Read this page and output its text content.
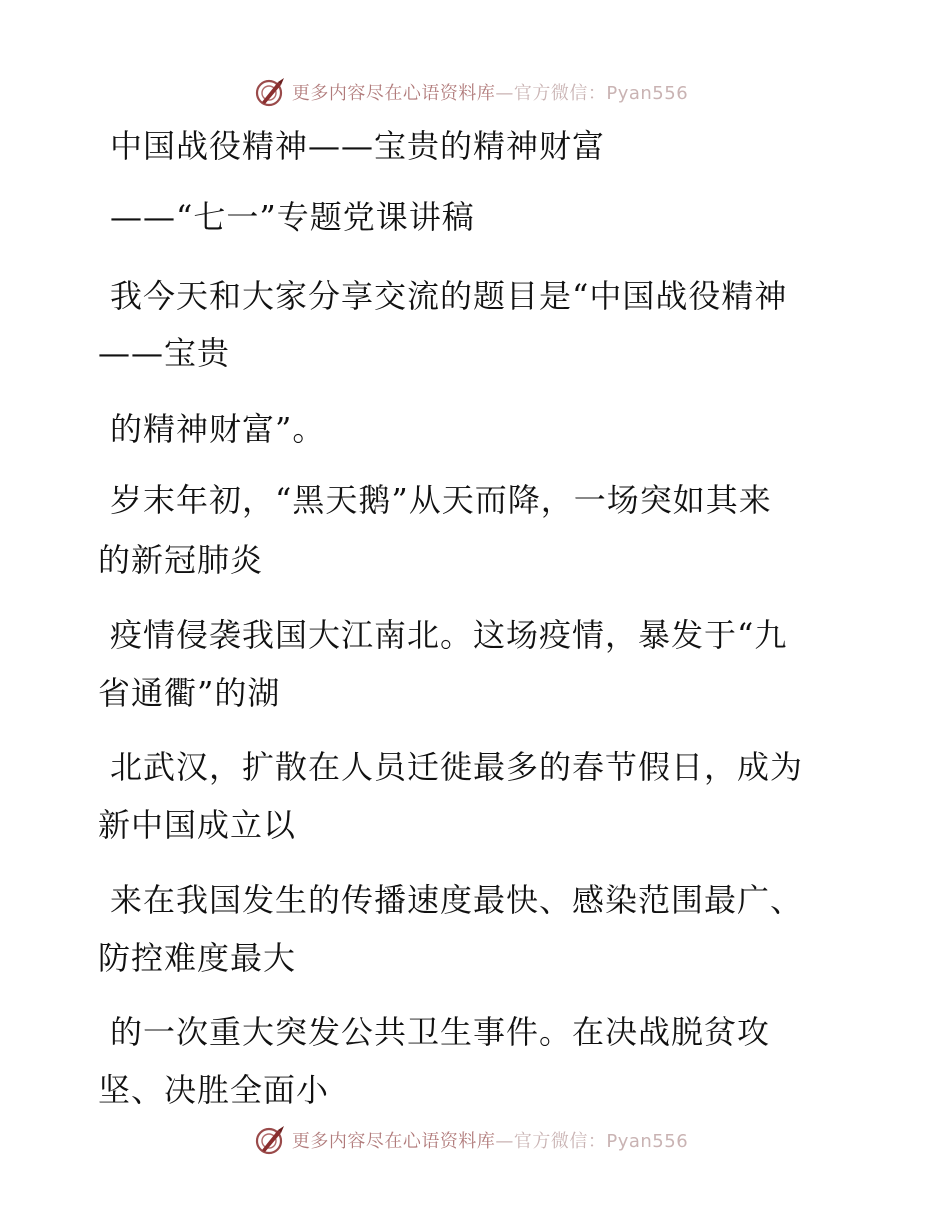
更多内容尽在心语资料库—官方微信：Pyan556
中国战役精神——宝贵的精神财富
——“七一”专题党课讲稿
我今天和大家分享交流的题目是“中国战役精神
——宝贵
的精神财富”。
岁末年初，“黑天鹅”从天而降，一场突如其来
的新冠肺炎
疫情侵袭我国大江南北。这场疫情，暴发于“九
省通衢”的湖
北武汉，扩散在人员迁徙最多的春节假日，成为
新中国成立以
来在我国发生的传播速度最快、感染范围最广、
防控难度最大
的一次重大突发公共卫生事件。在决战脱贫攻
坚、决胜全面小
更多内容尽在心语资料库—官方微信：Pyan556
